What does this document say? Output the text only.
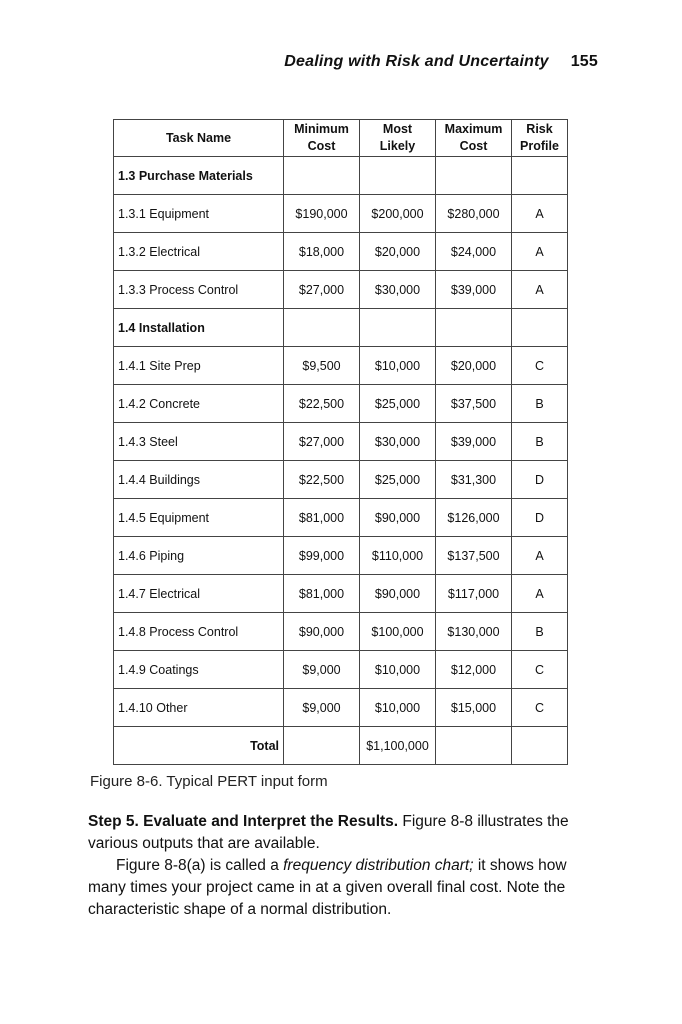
Dealing with Risk and Uncertainty 155
Task Name	Minimum Cost	Most Likely	Maximum Cost	Risk Profile
1.3 Purchase Materials				
1.3.1 Equipment	$190,000	$200,000	$280,000	A
1.3.2 Electrical	$18,000	$20,000	$24,000	A
1.3.3 Process Control	$27,000	$30,000	$39,000	A
1.4 Installation				
1.4.1 Site Prep	$9,500	$10,000	$20,000	C
1.4.2 Concrete	$22,500	$25,000	$37,500	B
1.4.3 Steel	$27,000	$30,000	$39,000	B
1.4.4 Buildings	$22,500	$25,000	$31,300	D
1.4.5 Equipment	$81,000	$90,000	$126,000	D
1.4.6 Piping	$99,000	$110,000	$137,500	A
1.4.7 Electrical	$81,000	$90,000	$117,000	A
1.4.8 Process Control	$90,000	$100,000	$130,000	B
1.4.9 Coatings	$9,000	$10,000	$12,000	C
1.4.10 Other	$9,000	$10,000	$15,000	C
Total		$1,100,000		
Figure 8-6. Typical PERT input form

Step 5. Evaluate and Interpret the Results. Figure 8-8 illustrates the various outputs that are available.

Figure 8-8(a) is called a frequency distribution chart; it shows how many times your project came in at a given overall final cost. Note the characteristic shape of a normal distribution.
